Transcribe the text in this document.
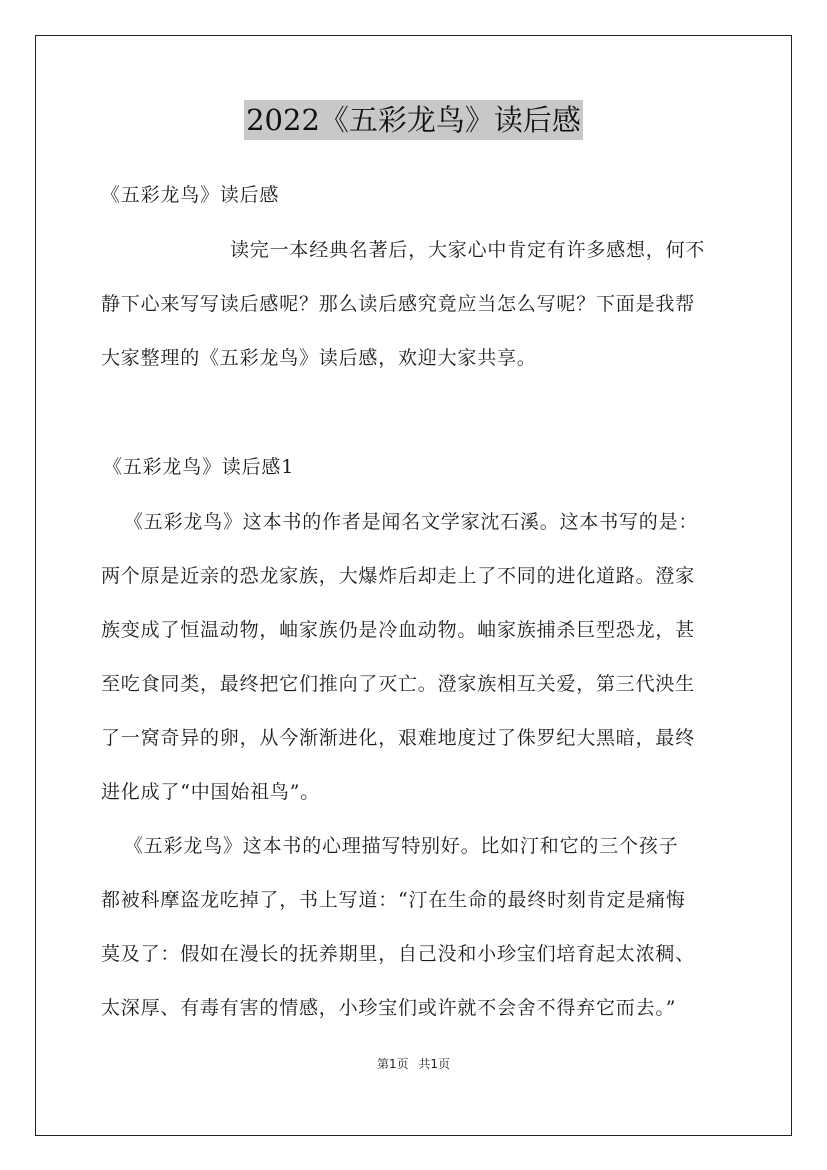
2022《五彩龙鸟》读后感
《五彩龙鸟》读后感
读完一本经典名著后，大家心中肯定有许多感想，何不
静下心来写写读后感呢？那么读后感究竟应当怎么写呢？下面是我帮
大家整理的《五彩龙鸟》读后感，欢迎大家共享。
《五彩龙鸟》读后感1
《五彩龙鸟》这本书的作者是闻名文学家沈石溪。这本书写的是：
两个原是近亲的恐龙家族，大爆炸后却走上了不同的进化道路。澄家
族变成了恒温动物，岫家族仍是冷血动物。岫家族捕杀巨型恐龙，甚
至吃食同类，最终把它们推向了灭亡。澄家族相互关爱，第三代泱生
了一窝奇异的卵，从今渐渐进化，艰难地度过了侏罗纪大黑暗，最终
进化成了“中国始祖鸟”。
《五彩龙鸟》这本书的心理描写特别好。比如汀和它的三个孩子
都被科摩盗龙吃掉了，书上写道：“汀在生命的最终时刻肯定是痛悔
莫及了：假如在漫长的抚养期里，自己没和小珍宝们培育起太浓稠、
太深厚、有毒有害的情感，小珍宝们或许就不会舍不得弃它而去。”
第1页 共1页
